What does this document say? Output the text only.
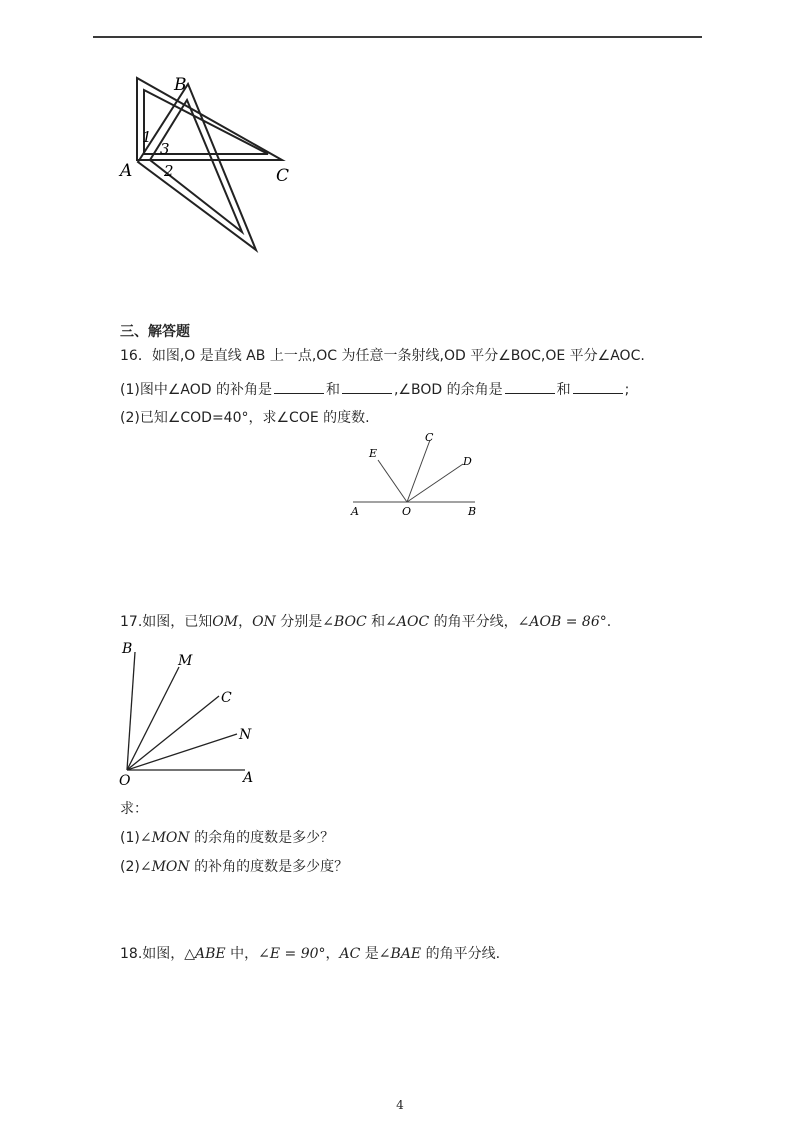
A
B
C
1
3
2
三、解答题
16．如图,O 是直线 AB 上一点,OC 为任意一条射线,OD 平分∠BOC,OE 平分∠AOC.
(1)图中∠AOD 的补角是	和	,∠BOD 的余角是	和	;
(2)已知∠COD=40°，求∠COE 的度数.
E
C
D
A	O	B
17.如图，已知OM，ON 分别是∠BOC 和∠AOC 的角平分线，∠AOB = 86°.
B
M
C
N
O	A
求：
(1)∠MON 的余角的度数是多少？
(2)∠MON 的补角的度数是多少度？
18.如图，△ABE 中，∠E = 90°，AC 是∠BAE 的角平分线.
4
